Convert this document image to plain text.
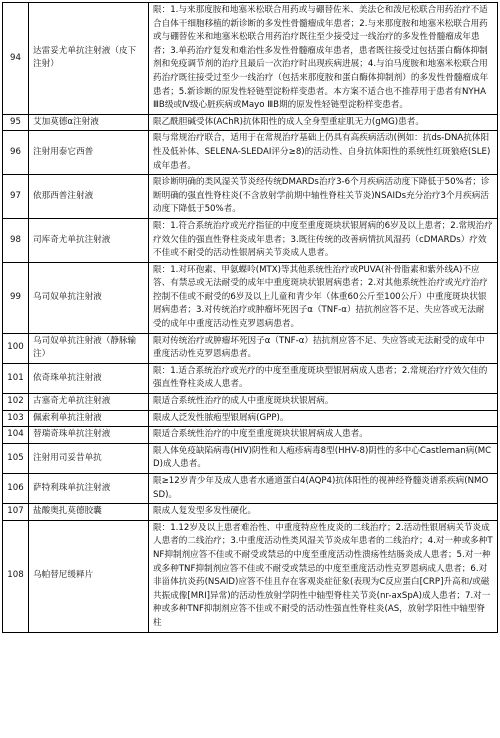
94	达雷妥尤单抗注射液（皮下注射）	限：1.与来那度胺和地塞米松联合用药或与硼替佐米、美法仑和泼尼松联合用药治疗不适合自体干细胞移植的新诊断的多发性骨髓瘤成年患者；2.与来那度胺和地塞米松联合用药或与硼替佐米和地塞米松联合用药治疗既往至少接受过一线治疗的多发性骨髓瘤成年患者；3.单药治疗复发和难治性多发性骨髓瘤成年患者，患者既往接受过包括蛋白酶体抑制剂和免疫调节剂的治疗且最后一次治疗时出现疾病进展；4.与泊马度胺和地塞米松联合用药治疗既往接受过至少一线治疗（包括来那度胺和蛋白酶体抑制剂）的多发性骨髓瘤成年患者；5.新诊断的原发性轻链型淀粉样变患者。本方案不适合也不推荐用于患者有NYHA ⅢB级或Ⅳ级心脏疾病或Mayo ⅢB期的原发性轻链型淀粉样变患者。
95	艾加莫德α注射液	限乙酰胆碱受体(AChR)抗体阳性的成人全身型重症肌无力(gMG)患者。
96	注射用泰它西普	限与常规治疗联合，适用于在常规治疗基础上仍具有高疾病活动(例如：抗ds-DNA抗体阳性及低补体、SELENA-SLEDAI评分≥8)的活动性、自身抗体阳性的系统性红斑狼疮(SLE)成年患者。
97	依那西普注射液	限诊断明确的类风湿关节炎经传统DMARDs治疗3-6个月疾病活动度下降低于50%者；诊断明确的强直性脊柱炎(不含放射学前期中轴性脊柱关节炎)NSAIDs充分治疗3个月疾病活动度下降低于50%者。
98	司库奇尤单抗注射液	限：1.符合系统治疗或光疗指征的中度至重度斑块状银屑病的6岁及以上患者；2.常规治疗疗效欠佳的强直性脊柱炎成年患者；3.既往传统的改善病情抗风湿药（cDMARDs）疗效不佳或不耐受的活动性银屑病关节炎成人患者。
99	乌司奴单抗注射液	限：1.对环孢素、甲氨蝶呤(MTX)等其他系统性治疗或PUVA(补骨脂素和紫外线A)不应答、有禁忌或无法耐受的成年中重度斑块状银屑病患者；2.对其他系统性治疗或光疗治疗控制不佳或不耐受的6岁及以上儿童和青少年（体重60公斤至100公斤）中重度斑块状银屑病患者；3.对传统治疗或肿瘤坏死因子α（TNF-α）拮抗剂应答不足、失应答或无法耐受的成年中重度活动性克罗恩病患者。
100	乌司奴单抗注射液（静脉输注）	限对传统治疗或肿瘤坏死因子α（TNF-α）拮抗剂应答不足、失应答或无法耐受的成年中重度活动性克罗恩病患者。
101	依奇珠单抗注射液	限：1.适合系统治疗或光疗的中度至重度斑块型银屑病成人患者；2.常规治疗疗效欠佳的强直性脊柱炎成人患者。
102	古塞奇尤单抗注射液	限适合系统性治疗的成人中重度斑块状银屑病。
103	佩索利单抗注射液	限成人泛发性脓疱型银屑病(GPP)。
104	替瑞奇珠单抗注射液	限适合系统性治疗的中度至重度斑块状银屑病成人患者。
105	注射用司妥昔单抗	限人体免疫缺陷病毒(HIV)阴性和人疱疹病毒8型(HHV-8)阴性的多中心Castleman病(MCD)成人患者。
106	萨特利珠单抗注射液	限≥12岁青少年及成人患者水通道蛋白4(AQP4)抗体阳性的视神经脊髓炎谱系疾病(NMOSD)。
107	盐酸奥扎莫德胶囊	限成人复发型多发性硬化。
108	乌帕替尼缓释片	限：1.12岁及以上患者难治性、中重度特应性皮炎的二线治疗；2.活动性银屑病关节炎成人患者的二线治疗；3.中重度活动性类风湿关节炎成年患者的二线治疗；4.对一种或多种TNF抑制剂应答不佳或不耐受或禁忌的中度至重度活动性溃疡性结肠炎成人患者；5.对一种或多种TNF抑制剂应答不佳或不耐受或禁忌的中度至重度活动性克罗恩病成人患者；6.对非甾体抗炎药(NSAID)应答不佳且存在客观炎症征象(表现为C反应蛋白[CRP]升高和/或磁共振成像[MRI]异常)的活动性放射学阴性中轴型脊柱关节炎(nr-axSpA)成人患者；7.对一种或多种TNF抑制剂应答不佳或不耐受的活动性强直性脊柱炎(AS，放射学阳性中轴型脊柱
